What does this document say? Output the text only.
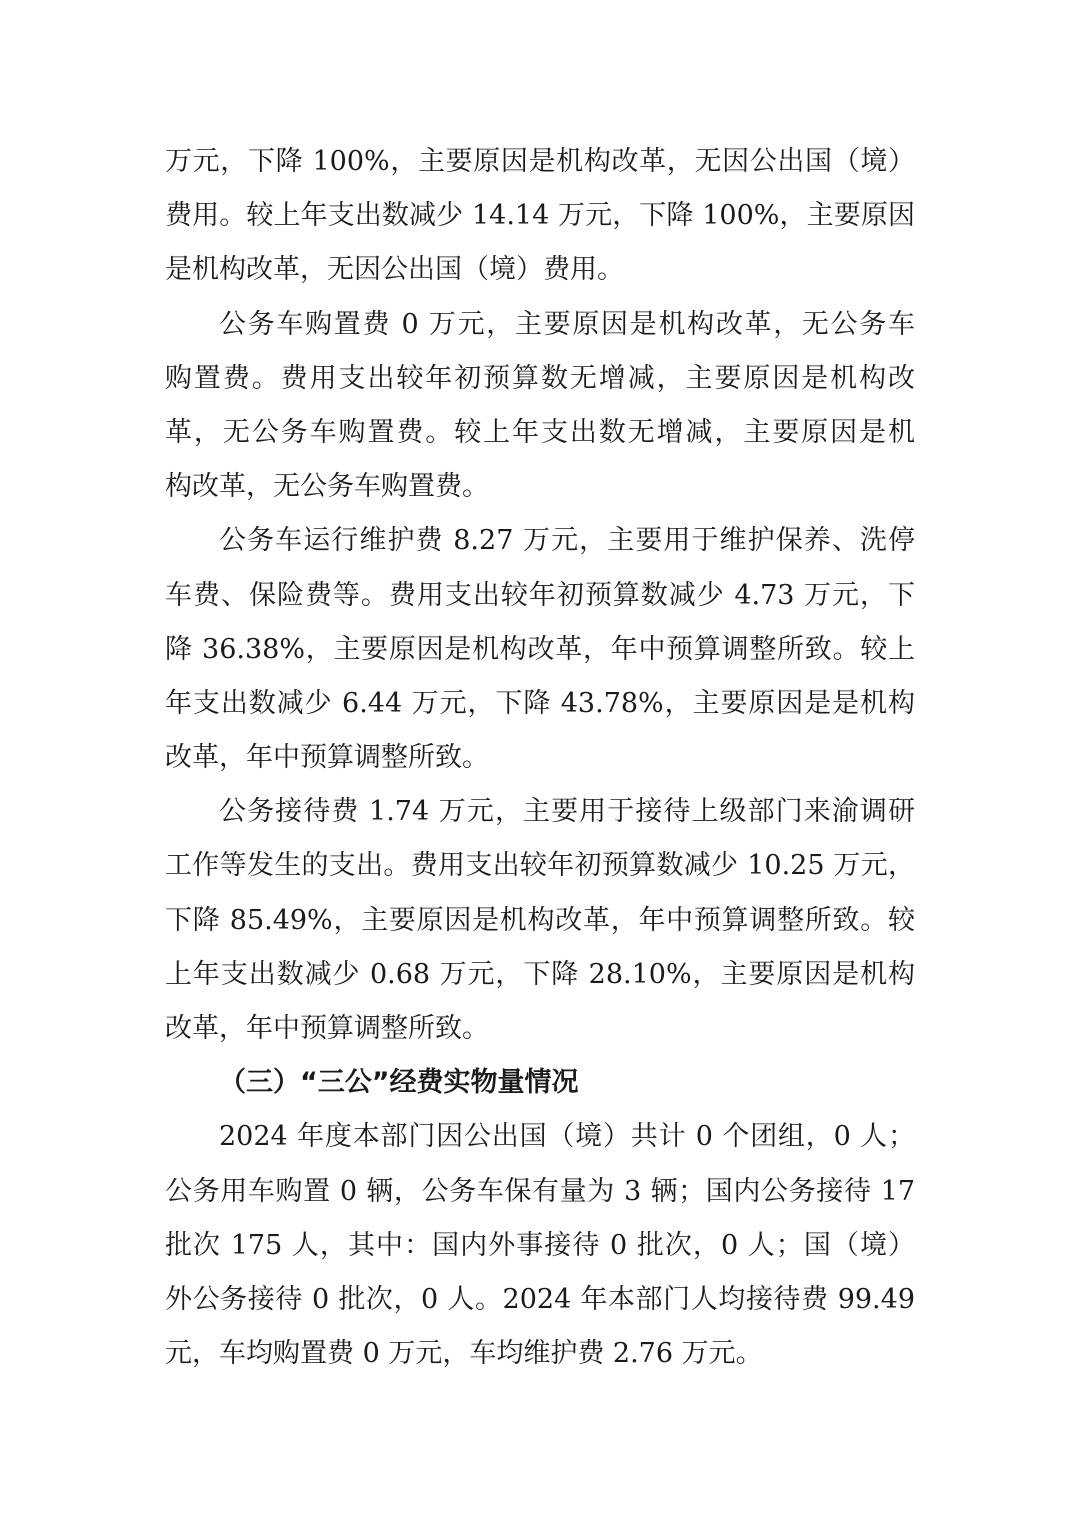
万元，下降 100%，主要原因是机构改革，无因公出国（境）
费用。较上年支出数减少 14.14 万元，下降 100%，主要原因
是机构改革，无因公出国（境）费用。
公务车购置费 0 万元，主要原因是机构改革，无公务车
购置费。费用支出较年初预算数无增减，主要原因是机构改
革，无公务车购置费。较上年支出数无增减，主要原因是机
构改革，无公务车购置费。
公务车运行维护费 8.27 万元，主要用于维护保养、洗停
车费、保险费等。费用支出较年初预算数减少 4.73 万元，下
降 36.38%，主要原因是机构改革，年中预算调整所致。较上
年支出数减少 6.44 万元，下降 43.78%，主要原因是是机构
改革，年中预算调整所致。
公务接待费 1.74 万元，主要用于接待上级部门来渝调研
工作等发生的支出。费用支出较年初预算数减少 10.25 万元，
下降 85.49%，主要原因是机构改革，年中预算调整所致。较
上年支出数减少 0.68 万元，下降 28.10%，主要原因是机构
改革，年中预算调整所致。
（三）“三公”经费实物量情况
2024 年度本部门因公出国（境）共计 0 个团组，0 人；
公务用车购置 0 辆，公务车保有量为 3 辆；国内公务接待 17
批次 175 人，其中：国内外事接待 0 批次，0 人；国（境）
外公务接待 0 批次，0 人。2024 年本部门人均接待费 99.49
元，车均购置费 0 万元，车均维护费 2.76 万元。
